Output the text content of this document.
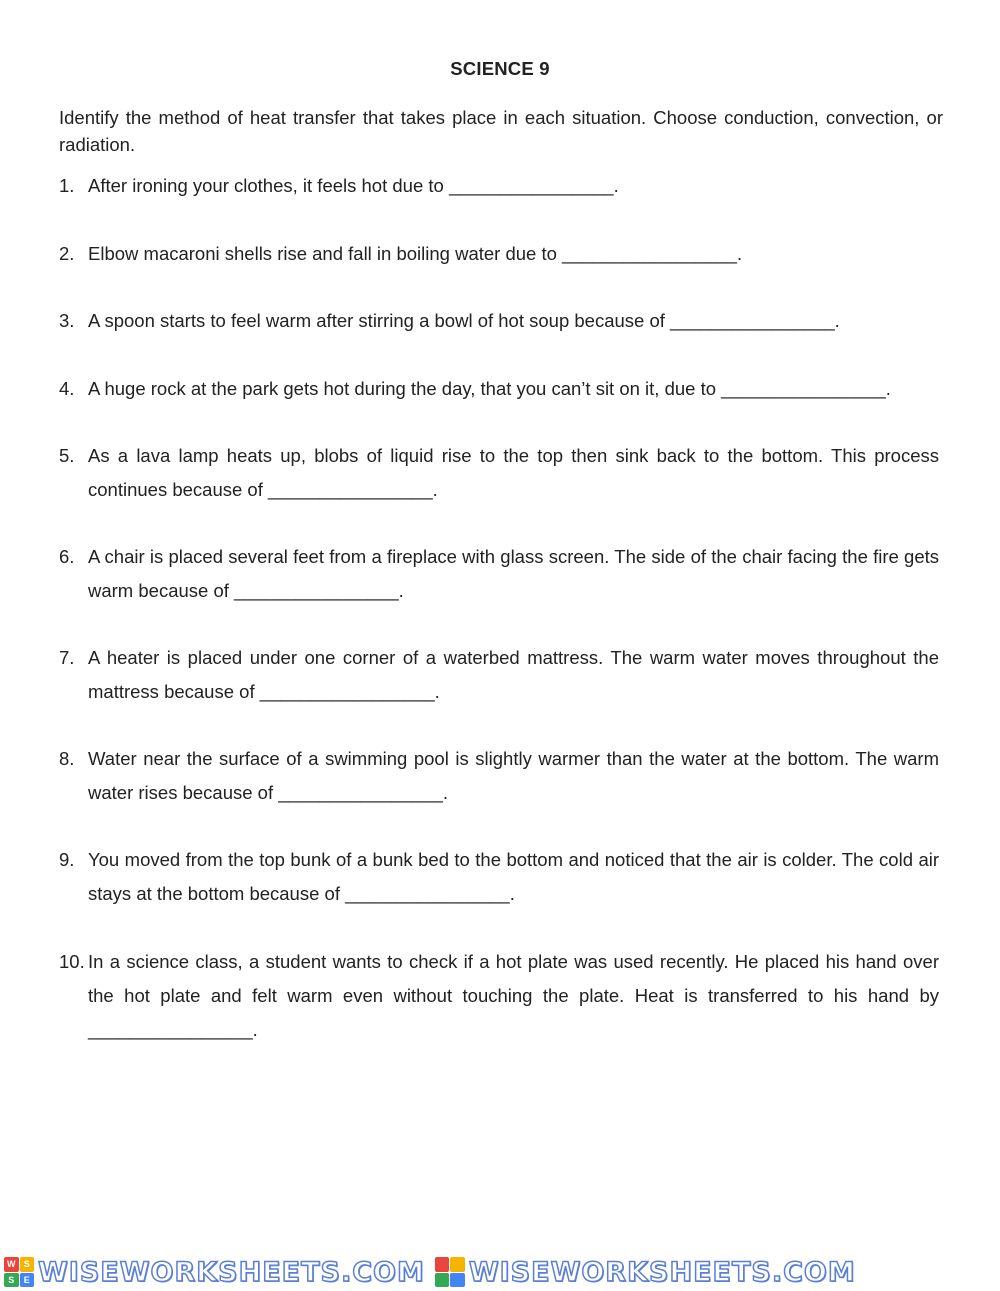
SCIENCE 9
Identify the method of heat transfer that takes place in each situation. Choose conduction, convection, or radiation.
1. After ironing your clothes, it feels hot due to ________________.
2. Elbow macaroni shells rise and fall in boiling water due to _________________.
3. A spoon starts to feel warm after stirring a bowl of hot soup because of ________________.
4. A huge rock at the park gets hot during the day, that you can’t sit on it, due to ________________.
5. As a lava lamp heats up, blobs of liquid rise to the top then sink back to the bottom. This process continues because of ________________.
6. A chair is placed several feet from a fireplace with glass screen. The side of the chair facing the fire gets warm because of ________________.
7. A heater is placed under one corner of a waterbed mattress. The warm water moves throughout the mattress because of _________________.
8. Water near the surface of a swimming pool is slightly warmer than the water at the bottom. The warm water rises because of ________________.
9. You moved from the top bunk of a bunk bed to the bottom and noticed that the air is colder. The cold air stays at the bottom because of ________________.
10. In a science class, a student wants to check if a hot plate was used recently. He placed his hand over the hot plate and felt warm even without touching the plate. Heat is transferred to his hand by ________________.
W S
S	E WISEWORKSHEETS.COM WISEWORKSHEETS.COM
